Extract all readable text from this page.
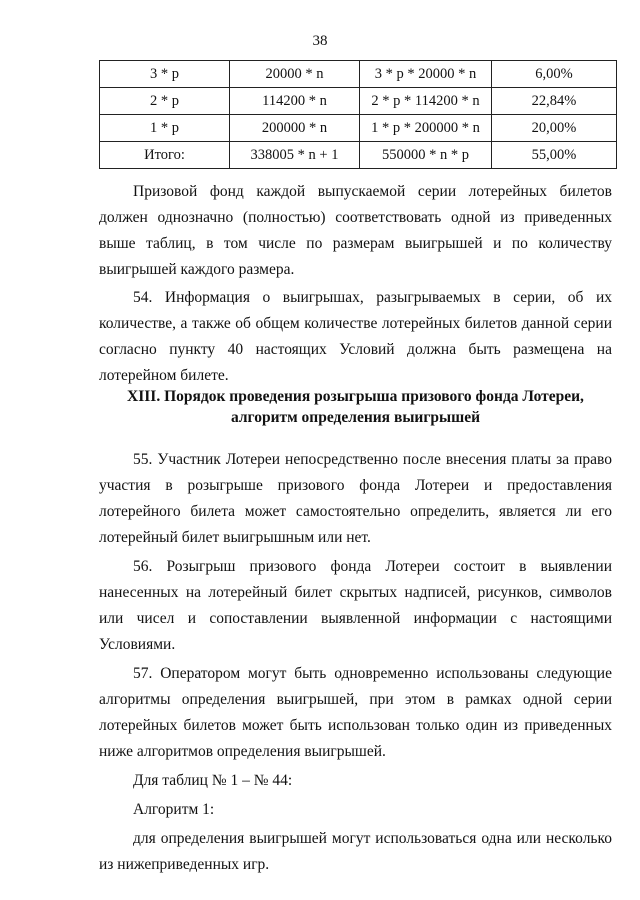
38
3 * p	20000 * n	3 * p * 20000 * n	6,00%
2 * p	114200 * n	2 * p * 114200 * n	22,84%
1 * p	200000 * n	1 * p * 200000 * n	20,00%
Итого:	338005 * n + 1	550000 * n * p	55,00%

Призовой фонд каждой выпускаемой серии лотерейных билетов должен однозначно (полностью) соответствовать одной из приведенных выше таблиц, в том числе по размерам выигрышей и по количеству выигрышей каждого размера.

54. Информация о выигрышах, разыгрываемых в серии, об их количестве, а также об общем количестве лотерейных билетов данной серии согласно пункту 40 настоящих Условий должна быть размещена на лотерейном билете.

XIII. Порядок проведения розыгрыша призового фонда Лотереи,
алгоритм определения выигрышей

55. Участник Лотереи непосредственно после внесения платы за право участия в розыгрыше призового фонда Лотереи и предоставления лотерейного билета может самостоятельно определить, является ли его лотерейный билет выигрышным или нет.

56. Розыгрыш призового фонда Лотереи состоит в выявлении нанесенных на лотерейный билет скрытых надписей, рисунков, символов или чисел и сопоставлении выявленной информации с настоящими Условиями.

57. Оператором могут быть одновременно использованы следующие алгоритмы определения выигрышей, при этом в рамках одной серии лотерейных билетов может быть использован только один из приведенных ниже алгоритмов определения выигрышей.

Для таблиц № 1 – № 44:

Алгоритм 1:

для определения выигрышей могут использоваться одна или несколько из нижеприведенных игр.
